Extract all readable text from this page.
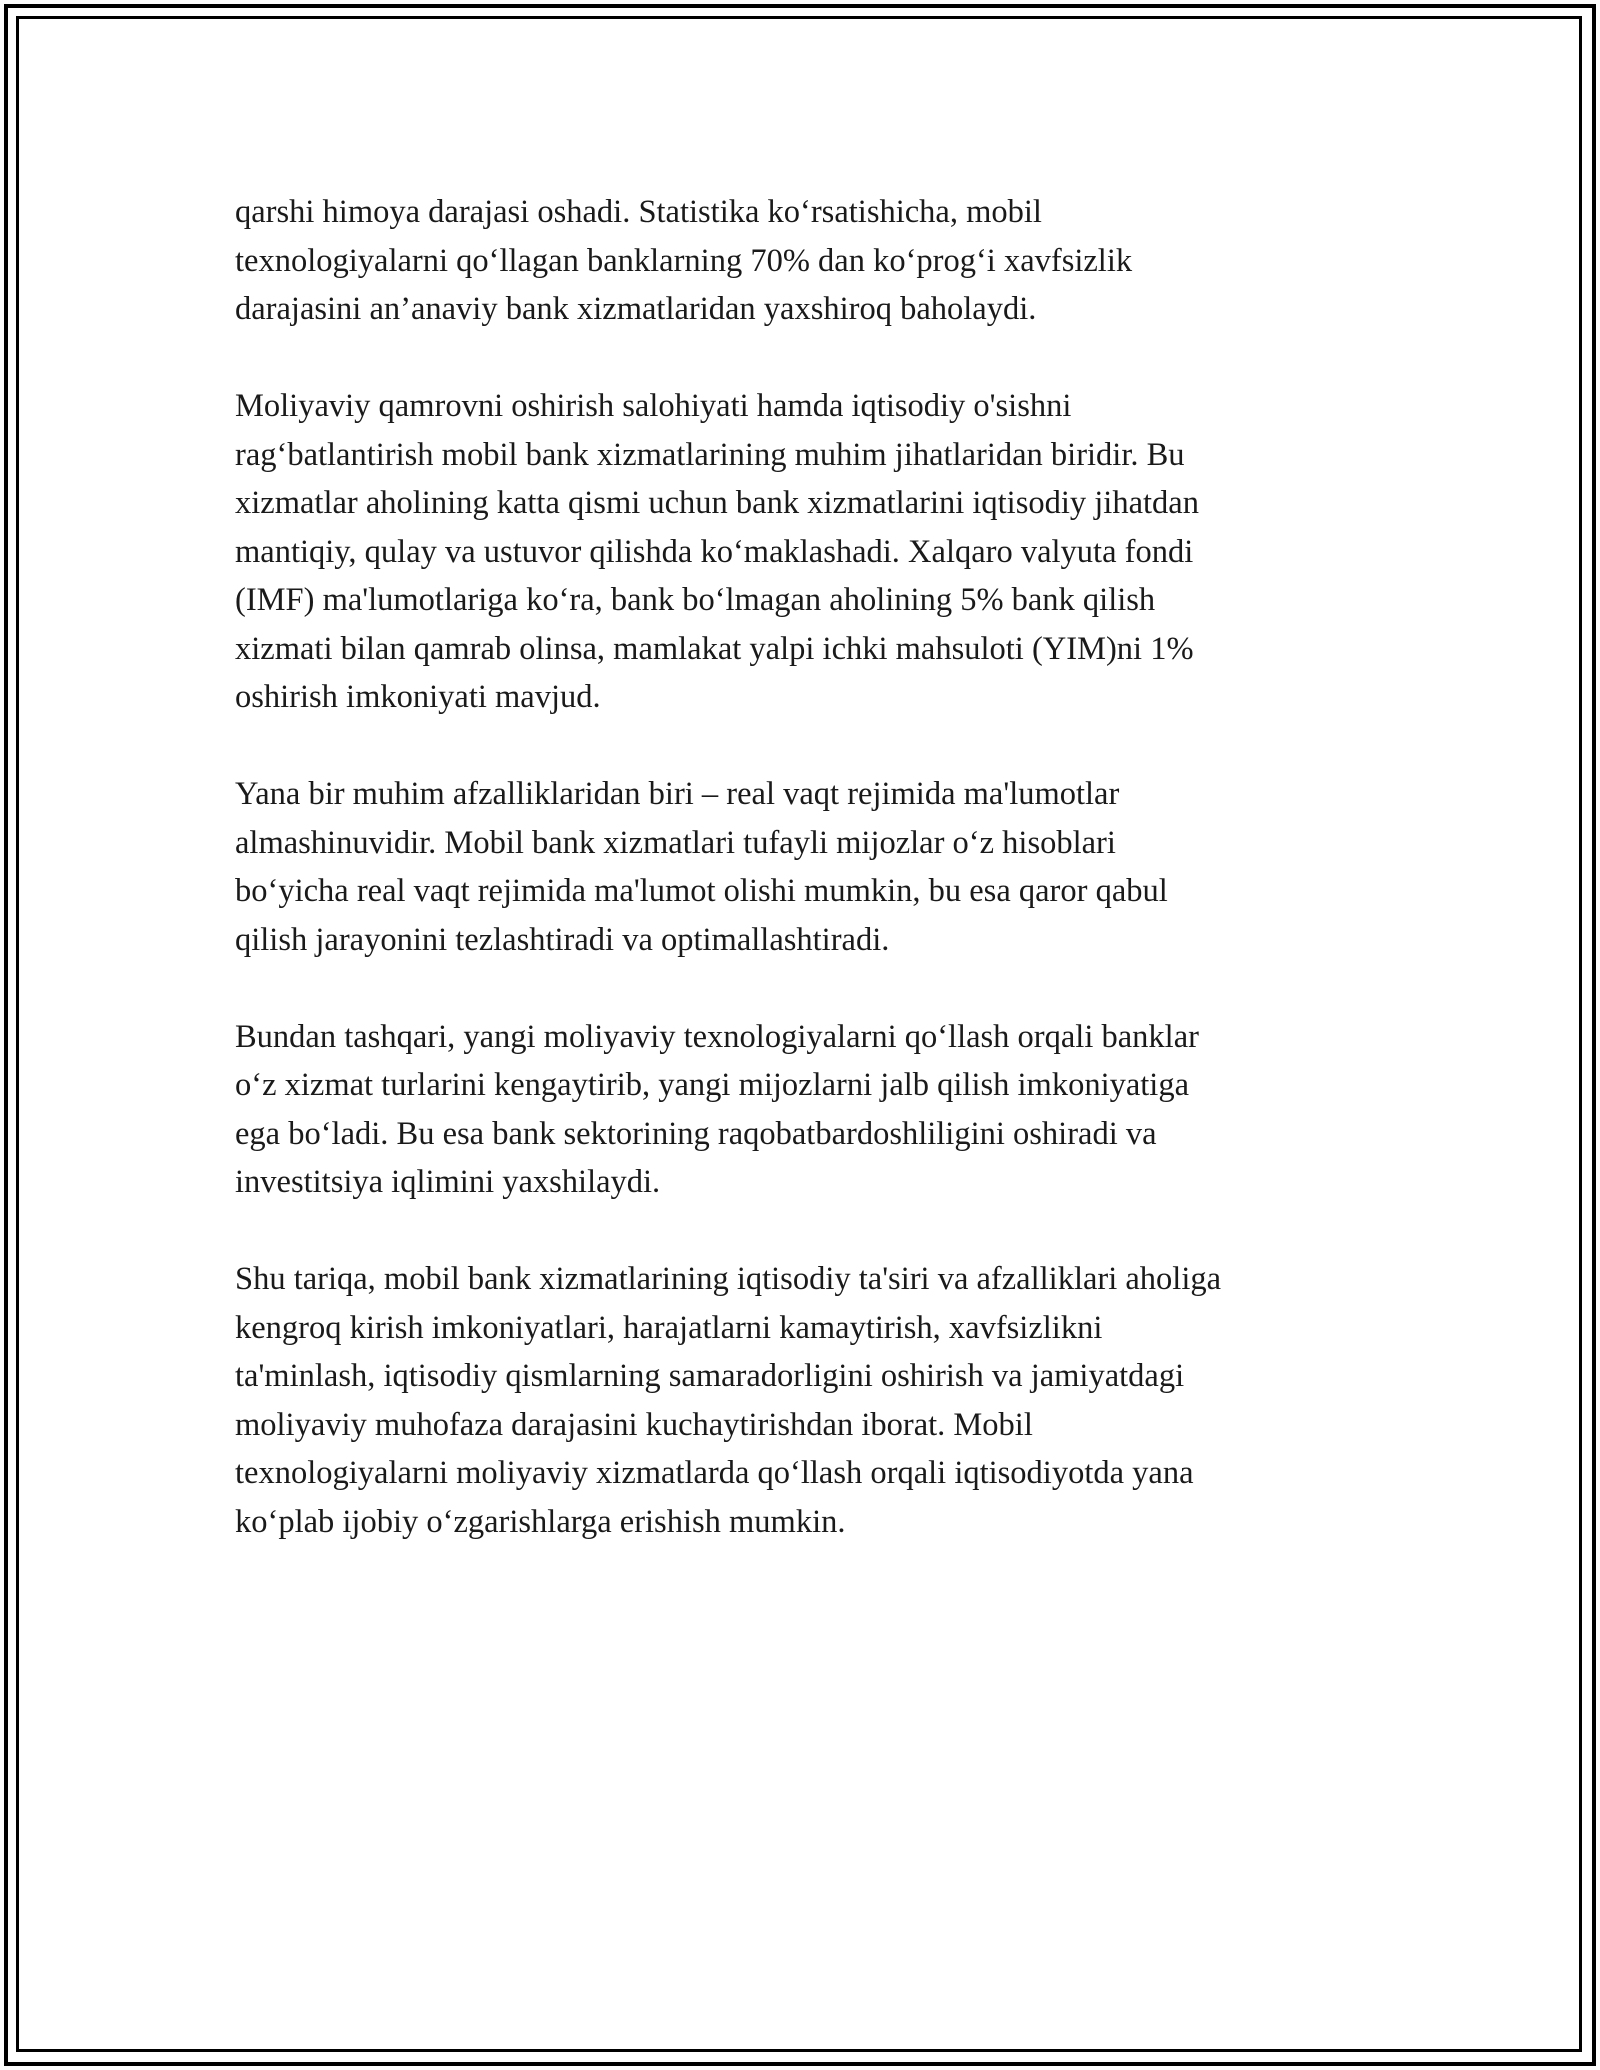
qarshi himoya darajasi oshadi. Statistika koʻrsatishicha, mobil
texnologiyalarni qoʻllagan banklarning 70% dan koʻprogʻi xavfsizlik
darajasini an’anaviy bank xizmatlaridan yaxshiroq baholaydi.

Moliyaviy qamrovni oshirish salohiyati hamda iqtisodiy o'sishni
ragʻbatlantirish mobil bank xizmatlarining muhim jihatlaridan biridir. Bu
xizmatlar aholining katta qismi uchun bank xizmatlarini iqtisodiy jihatdan
mantiqiy, qulay va ustuvor qilishda koʻmaklashadi. Xalqaro valyuta fondi
(IMF) ma'lumotlariga koʻra, bank boʻlmagan aholining 5% bank qilish
xizmati bilan qamrab olinsa, mamlakat yalpi ichki mahsuloti (YIM)ni 1%
oshirish imkoniyati mavjud.

Yana bir muhim afzalliklaridan biri – real vaqt rejimida ma'lumotlar
almashinuvidir. Mobil bank xizmatlari tufayli mijozlar oʻz hisoblari
boʻyicha real vaqt rejimida ma'lumot olishi mumkin, bu esa qaror qabul
qilish jarayonini tezlashtiradi va optimallashtiradi.

Bundan tashqari, yangi moliyaviy texnologiyalarni qoʻllash orqali banklar
oʻz xizmat turlarini kengaytirib, yangi mijozlarni jalb qilish imkoniyatiga
ega boʻladi. Bu esa bank sektorining raqobatbardoshliligini oshiradi va
investitsiya iqlimini yaxshilaydi.

Shu tariqa, mobil bank xizmatlarining iqtisodiy ta'siri va afzalliklari aholiga
kengroq kirish imkoniyatlari, harajatlarni kamaytirish, xavfsizlikni
ta'minlash, iqtisodiy qismlarning samaradorligini oshirish va jamiyatdagi
moliyaviy muhofaza darajasini kuchaytirishdan iborat. Mobil
texnologiyalarni moliyaviy xizmatlarda qoʻllash orqali iqtisodiyotda yana
koʻplab ijobiy oʻzgarishlarga erishish mumkin.
